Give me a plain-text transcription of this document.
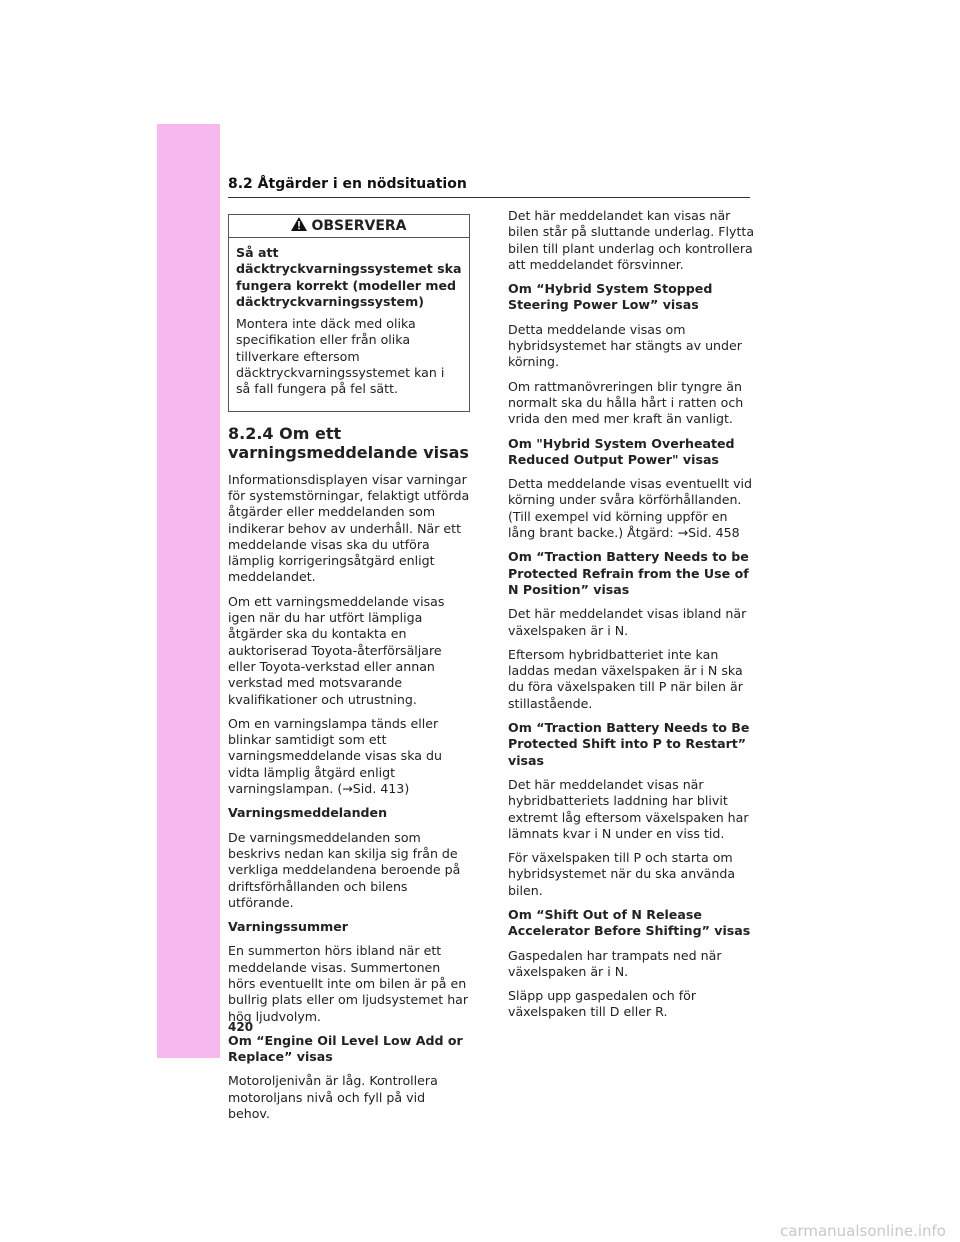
8.2 Åtgärder i en nödsituation
OBSERVERA

Så att däcktryckvarningssystemet ska fungera korrekt (modeller med däcktryckvarningssystem)

Montera inte däck med olika specifikation eller från olika tillverkare eftersom däcktryckvarningssystemet kan i så fall fungera på fel sätt.

8.2.4 Om ett varningsmeddelande visas

Informationsdisplayen visar varningar för systemstörningar, felaktigt utförda åtgärder eller meddelanden som indikerar behov av underhåll. När ett meddelande visas ska du utföra lämplig korrigeringsåtgärd enligt meddelandet.

Om ett varningsmeddelande visas igen när du har utfört lämpliga åtgärder ska du kontakta en auktoriserad Toyota-återförsäljare eller Toyota-verkstad eller annan verkstad med motsvarande kvalifikationer och utrustning.

Om en varningslampa tänds eller blinkar samtidigt som ett varningsmeddelande visas ska du vidta lämplig åtgärd enligt varningslampan. (→Sid. 413)

Varningsmeddelanden

De varningsmeddelanden som beskrivs nedan kan skilja sig från de verkliga meddelandena beroende på driftsförhållanden och bilens utförande.

Varningssummer

En summerton hörs ibland när ett meddelande visas. Summertonen hörs eventuellt inte om bilen är på en bullrig plats eller om ljudsystemet har hög ljudvolym.

Om “Engine Oil Level Low Add or Replace” visas

Motoroljenivån är låg. Kontrollera motoroljans nivå och fyll på vid behov.

Det här meddelandet kan visas när bilen står på sluttande underlag. Flytta bilen till plant underlag och kontrollera att meddelandet försvinner.

Om “Hybrid System Stopped Steering Power Low” visas

Detta meddelande visas om hybridsystemet har stängts av under körning.

Om rattmanövreringen blir tyngre än normalt ska du hålla hårt i ratten och vrida den med mer kraft än vanligt.

Om "Hybrid System Overheated Reduced Output Power" visas

Detta meddelande visas eventuellt vid körning under svåra körförhållanden. (Till exempel vid körning uppför en lång brant backe.) Åtgärd: →Sid. 458

Om “Traction Battery Needs to be Protected Refrain from the Use of N Position” visas

Det här meddelandet visas ibland när växelspaken är i N.

Eftersom hybridbatteriet inte kan laddas medan växelspaken är i N ska du föra växelspaken till P när bilen är stillastående.

Om “Traction Battery Needs to Be Protected Shift into P to Restart” visas

Det här meddelandet visas när hybridbatteriets laddning har blivit extremt låg eftersom växelspaken har lämnats kvar i N under en viss tid.

För växelspaken till P och starta om hybridsystemet när du ska använda bilen.

Om “Shift Out of N Release Accelerator Before Shifting” visas

Gaspedalen har trampats ned när växelspaken är i N.

Släpp upp gaspedalen och för växelspaken till D eller R.

420
carmanualsonline.info
